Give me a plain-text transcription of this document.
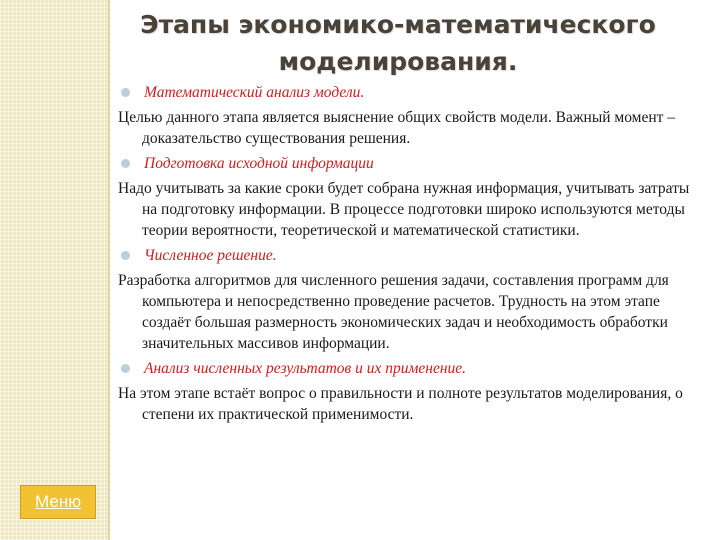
Этапы экономико-математического
моделирования.
Математический анализ модели.
Целью данного этапа является выяснение общих свойств модели. Важный момент – доказательство существования решения.
Подготовка исходной информации
Надо учитывать за какие сроки будет собрана нужная информация, учитывать затраты на подготовку информации. В процессе подготовки широко используются методы теории вероятности, теоретической и математической статистики.
Численное решение.
Разработка алгоритмов для численного решения задачи, составления программ для компьютера и непосредственно проведение расчетов. Трудность на этом этапе создаёт большая размерность экономических задач и необходимость обработки значительных массивов информации.
Анализ численных результатов и их применение.
На этом этапе встаёт вопрос о правильности и полноте результатов моделирования, о степени их практической применимости.
Меню
